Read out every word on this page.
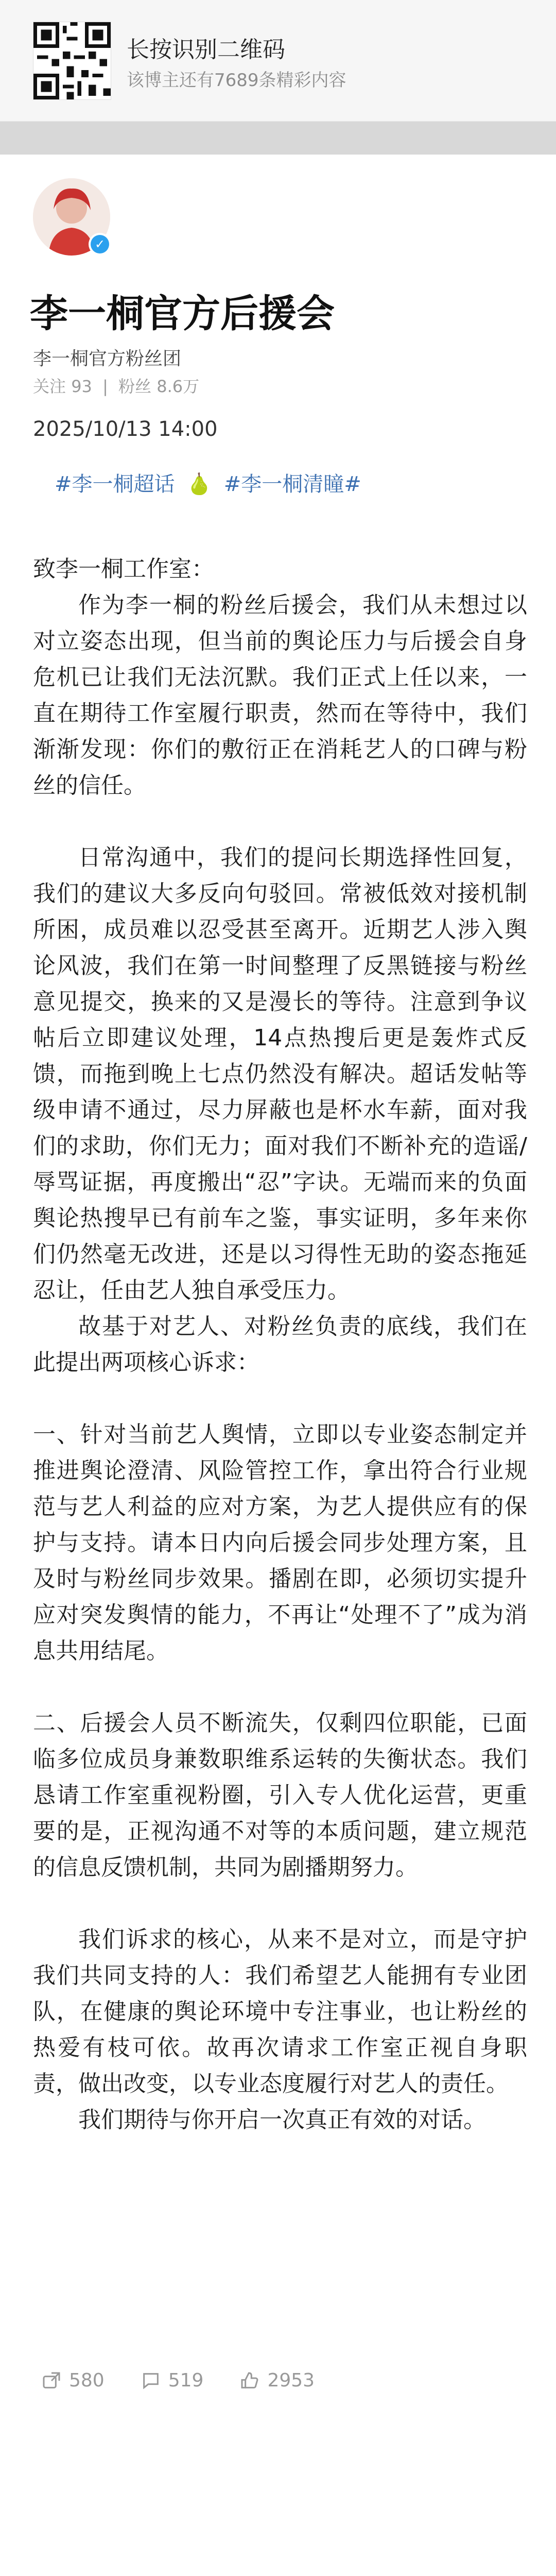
长按识别二维码
该博主还有7689条精彩内容
✓
李一桐官方后援会
李一桐官方粉丝团
关注 93 | 粉丝 8.6万
2025/10/13 14:00
#李一桐超话 🍐 #李一桐清瞳#

致李一桐工作室：

作为李一桐的粉丝后援会，我们从未想过以对立姿态出现，但当前的舆论压力与后援会自身危机已让我们无法沉默。我们正式上任以来，一直在期待工作室履行职责，然而在等待中，我们渐渐发现：你们的敷衍正在消耗艺人的口碑与粉丝的信任。

日常沟通中，我们的提问长期选择性回复，我们的建议大多反向句驳回。常被低效对接机制所困，成员难以忍受甚至离开。近期艺人涉入舆论风波，我们在第一时间整理了反黑链接与粉丝意见提交，换来的又是漫长的等待。注意到争议帖后立即建议处理，14点热搜后更是轰炸式反馈，而拖到晚上七点仍然没有解决。超话发帖等级申请不通过，尽力屏蔽也是杯水车薪，面对我们的求助，你们无力；面对我们不断补充的造谣/辱骂证据，再度搬出“忍”字诀。无端而来的负面舆论热搜早已有前车之鉴，事实证明，多年来你们仍然毫无改进，还是以习得性无助的姿态拖延忍让，任由艺人独自承受压力。

故基于对艺人、对粉丝负责的底线，我们在此提出两项核心诉求：

一、针对当前艺人舆情，立即以专业姿态制定并推进舆论澄清、风险管控工作，拿出符合行业规范与艺人利益的应对方案，为艺人提供应有的保护与支持。请本日内向后援会同步处理方案，且及时与粉丝同步效果。播剧在即，必须切实提升应对突发舆情的能力，不再让“处理不了”成为消息共用结尾。

二、后援会人员不断流失，仅剩四位职能，已面临多位成员身兼数职维系运转的失衡状态。我们恳请工作室重视粉圈，引入专人优化运营，更重要的是，正视沟通不对等的本质问题，建立规范的信息反馈机制，共同为剧播期努力。

我们诉求的核心，从来不是对立，而是守护我们共同支持的人：我们希望艺人能拥有专业团队，在健康的舆论环境中专注事业，也让粉丝的热爱有枝可依。故再次请求工作室正视自身职责，做出改变，以专业态度履行对艺人的责任。

我们期待与你开启一次真正有效的对话。

580	519	2953
